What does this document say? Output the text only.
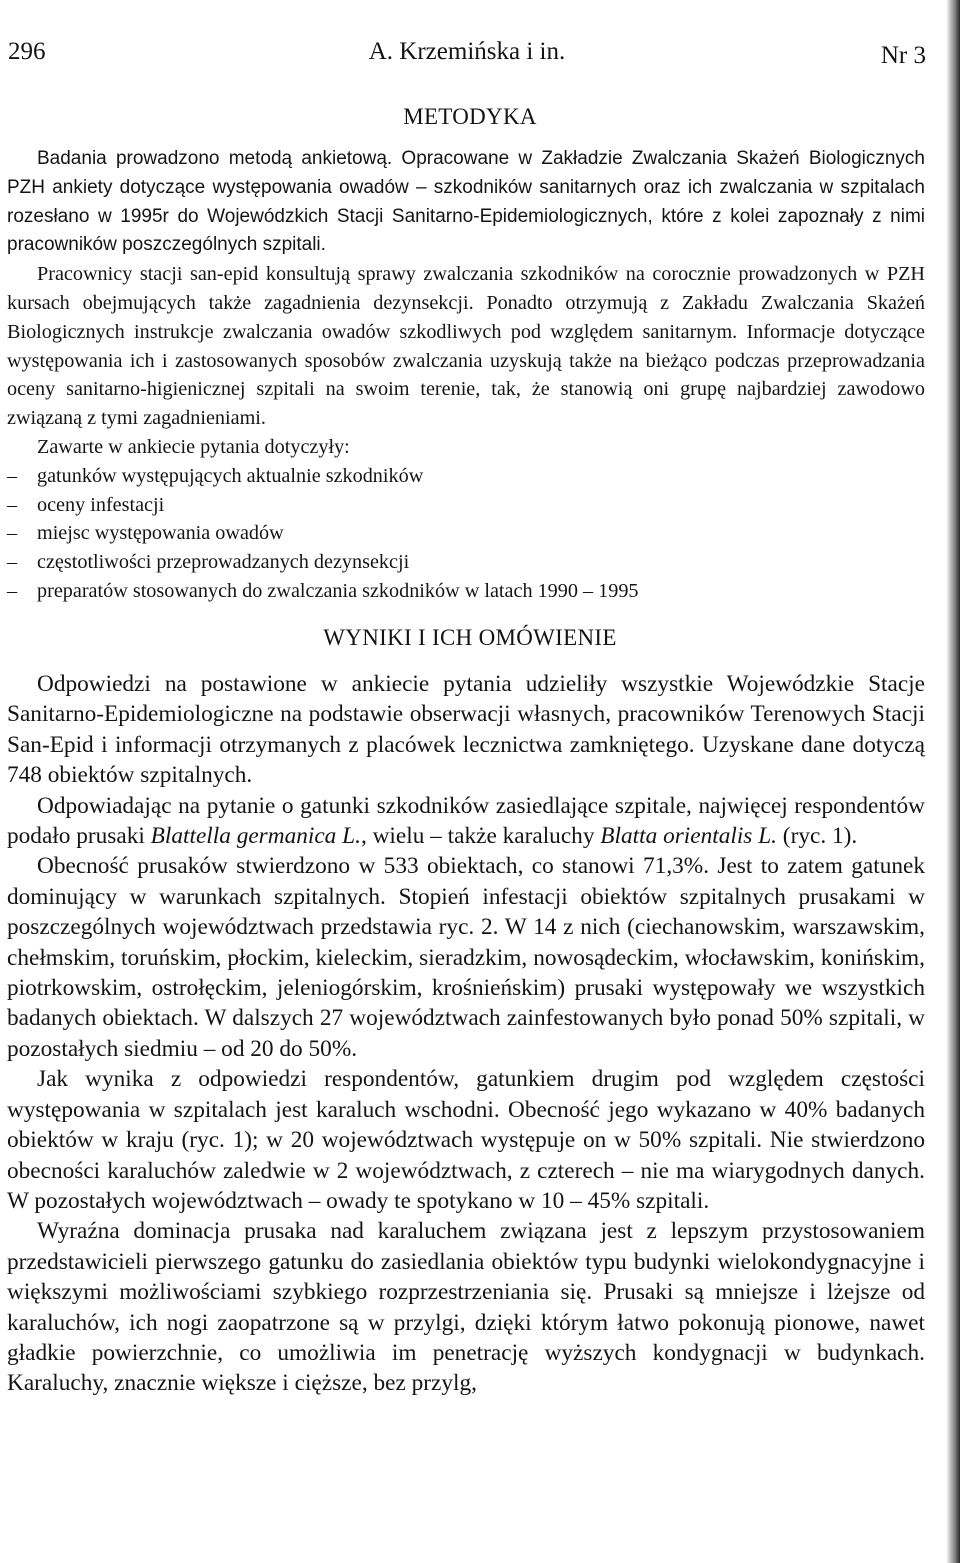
296	A. Krzemińska i in.	Nr 3
METODYKA

Badania prowadzono metodą ankietową. Opracowane w Zakładzie Zwalczania Skażeń Biologicznych PZH ankiety dotyczące występowania owadów – szkodników sanitarnych oraz ich zwalczania w szpitalach rozesłano w 1995r do Wojewódzkich Stacji Sanitarno-Epidemiologicznych, które z kolei zapoznały z nimi pracowników poszczególnych szpitali.

Pracownicy stacji san-epid konsultują sprawy zwalczania szkodników na corocznie prowadzonych w PZH kursach obejmujących także zagadnienia dezynsekcji. Ponadto otrzymują z Zakładu Zwalczania Skażeń Biologicznych instrukcje zwalczania owadów szkodliwych pod względem sanitarnym. Informacje dotyczące występowania ich i zastosowanych sposobów zwalczania uzyskują także na bieżąco podczas przeprowadzania oceny sanitarno-higienicznej szpitali na swoim terenie, tak, że stanowią oni grupę najbardziej zawodowo związaną z tymi zagadnieniami.

Zawarte w ankiecie pytania dotyczyły:

– gatunków występujących aktualnie szkodników
– oceny infestacji
– miejsc występowania owadów
– częstotliwości przeprowadzanych dezynsekcji
– preparatów stosowanych do zwalczania szkodników w latach 1990 – 1995
WYNIKI I ICH OMÓWIENIE

Odpowiedzi na postawione w ankiecie pytania udzieliły wszystkie Wojewódzkie Stacje Sanitarno-Epidemiologiczne na podstawie obserwacji własnych, pracowników Terenowych Stacji San-Epid i informacji otrzymanych z placówek lecznictwa zamkniętego. Uzyskane dane dotyczą 748 obiektów szpitalnych.

Odpowiadając na pytanie o gatunki szkodników zasiedlające szpitale, najwięcej respondentów podało prusaki Blattella germanica L., wielu – także karaluchy Blatta orientalis L. (ryc. 1).

Obecność prusaków stwierdzono w 533 obiektach, co stanowi 71,3%. Jest to zatem gatunek dominujący w warunkach szpitalnych. Stopień infestacji obiektów szpitalnych prusakami w poszczególnych województwach przedstawia ryc. 2. W 14 z nich (ciechanowskim, warszawskim, chełmskim, toruńskim, płockim, kieleckim, sieradzkim, nowosądeckim, włocławskim, konińskim, piotrkowskim, ostrołęckim, jeleniogórskim, krośnieńskim) prusaki występowały we wszystkich badanych obiektach. W dalszych 27 województwach zainfestowanych było ponad 50% szpitali, w pozostałych siedmiu – od 20 do 50%.

Jak wynika z odpowiedzi respondentów, gatunkiem drugim pod względem częstości występowania w szpitalach jest karaluch wschodni. Obecność jego wykazano w 40% badanych obiektów w kraju (ryc. 1); w 20 województwach występuje on w 50% szpitali. Nie stwierdzono obecności karaluchów zaledwie w 2 województwach, z czterech – nie ma wiarygodnych danych. W pozostałych województwach – owady te spotykano w 10 – 45% szpitali.

Wyraźna dominacja prusaka nad karaluchem związana jest z lepszym przystosowaniem przedstawicieli pierwszego gatunku do zasiedlania obiektów typu budynki wielokondygnacyjne i większymi możliwościami szybkiego rozprzestrzeniania się. Prusaki są mniejsze i lżejsze od karaluchów, ich nogi zaopatrzone są w przylgi, dzięki którym łatwo pokonują pionowe, nawet gładkie powierzchnie, co umożliwia im penetrację wyższych kondygnacji w budynkach. Karaluchy, znacznie większe i cięższe, bez przylg,
